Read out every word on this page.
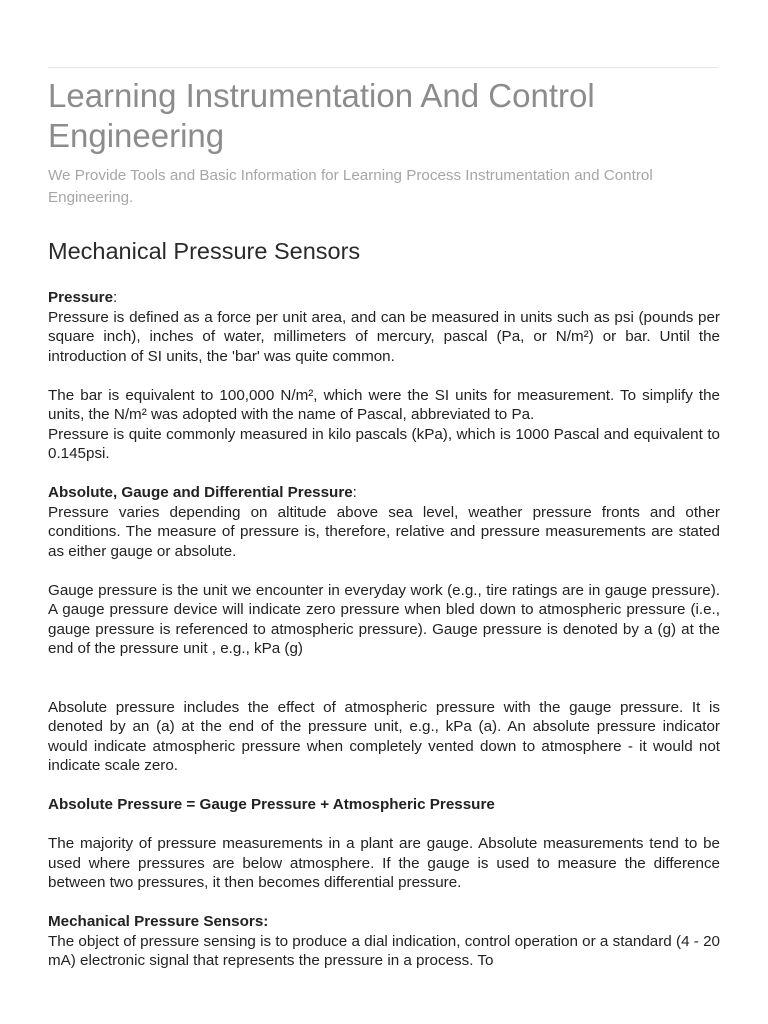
Learning Instrumentation And Control Engineering

We Provide Tools and Basic Information for Learning Process Instrumentation and Control Engineering.

Mechanical Pressure Sensors

Pressure:

Pressure is defined as a force per unit area, and can be measured in units such as psi (pounds per square inch), inches of water, millimeters of mercury, pascal (Pa, or N/m²) or bar. Until the introduction of SI units, the 'bar' was quite common.

The bar is equivalent to 100,000 N/m², which were the SI units for measurement. To simplify the units, the N/m² was adopted with the name of Pascal, abbreviated to Pa.

Pressure is quite commonly measured in kilo pascals (kPa), which is 1000 Pascal and equivalent to 0.145psi.

Absolute, Gauge and Differential Pressure:

Pressure varies depending on altitude above sea level, weather pressure fronts and other conditions. The measure of pressure is, therefore, relative and pressure measurements are stated as either gauge or absolute.

Gauge pressure is the unit we encounter in everyday work (e.g., tire ratings are in gauge pressure). A gauge pressure device will indicate zero pressure when bled down to atmospheric pressure (i.e., gauge pressure is referenced to atmospheric pressure). Gauge pressure is denoted by a (g) at the end of the pressure unit , e.g., kPa (g)

Absolute pressure includes the effect of atmospheric pressure with the gauge pressure. It is denoted by an (a) at the end of the pressure unit, e.g., kPa (a). An absolute pressure indicator would indicate atmospheric pressure when completely vented down to atmosphere - it would not indicate scale zero.

Absolute Pressure = Gauge Pressure + Atmospheric Pressure

The majority of pressure measurements in a plant are gauge. Absolute measurements tend to be used where pressures are below atmosphere. If the gauge is used to measure the difference between two pressures, it then becomes differential pressure.

Mechanical Pressure Sensors:

The object of pressure sensing is to produce a dial indication, control operation or a standard (4 - 20 mA) electronic signal that represents the pressure in a process. To
